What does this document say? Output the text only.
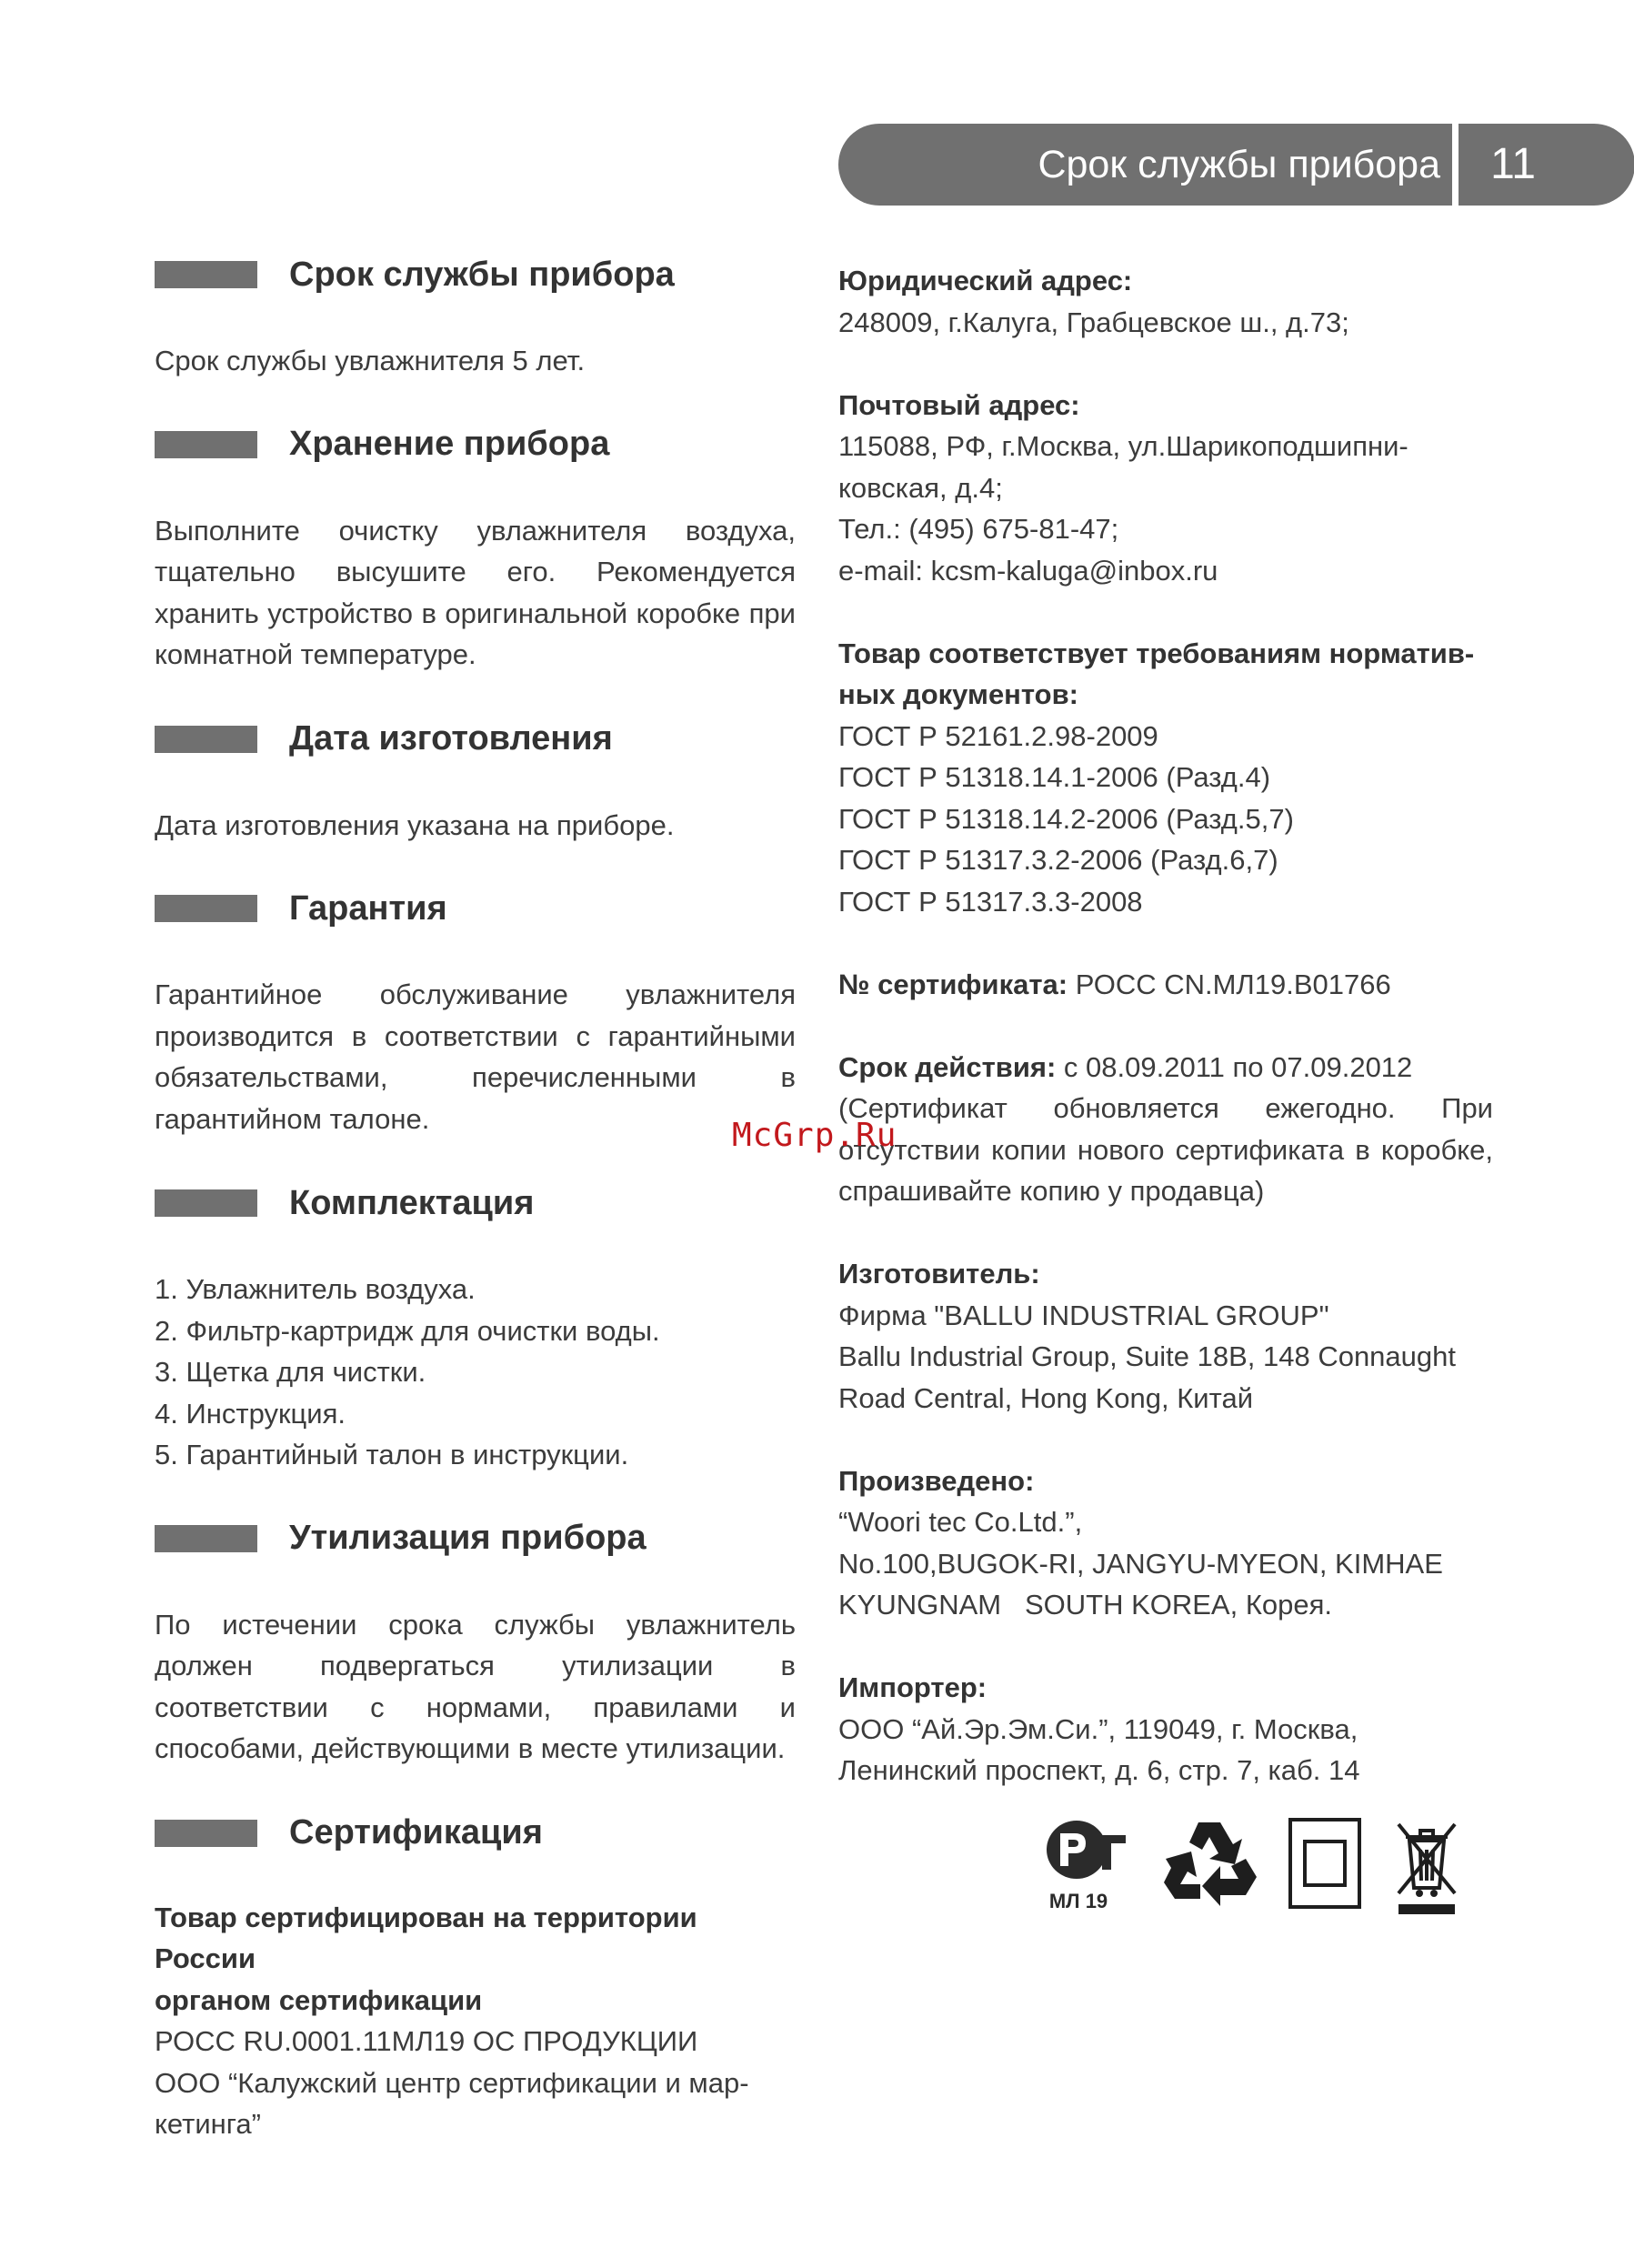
Срок службы прибора	11
Срок службы прибора
Срок службы увлажнителя 5 лет.
Хранение прибора
Выполните очистку увлажнителя воздуха, тщательно высушите его. Рекомендуется хранить устройство в оригинальной коробке при комнатной температуре.
Дата изготовления
Дата изготовления указана на приборе.
Гарантия
Гарантийное обслуживание увлажнителя производится в соответствии с гарантийными обязательствами, перечисленными в гарантийном талоне.
Комплектация
1. Увлажнитель воздуха.
2. Фильтр-картридж для очистки воды.
3. Щетка для чистки.
4. Инструкция.
5. Гарантийный талон в инструкции.
Утилизация прибора
По истечении срока службы увлажнитель должен подвергаться утилизации в соответствии с нормами, правилами и способами, действующими в месте утилизации.
Сертификация
Товар сертифицирован на территории России
органом сертификации
РОСС RU.0001.11МЛ19 ОС ПРОДУКЦИИ
ООО “Калужский центр сертификации и мар-
кетинга”
Юридический адрес:
248009, г.Калуга, Грабцевское ш., д.73;
Почтовый адрес:
115088, РФ, г.Москва, ул.Шарикоподшипни-
ковская, д.4;
Тел.: (495) 675-81-47;
e-mail: kcsm-kaluga@inbox.ru
Товар соответствует требованиям норматив-
ных документов:
ГОСТ Р 52161.2.98-2009
ГОСТ Р 51318.14.1-2006 (Разд.4)
ГОСТ Р 51318.14.2-2006 (Разд.5,7)
ГОСТ Р 51317.3.2-2006 (Разд.6,7)
ГОСТ Р 51317.3.3-2008
№ сертификата: РОСС CN.МЛ19.В01766
Срок действия: с 08.09.2011 по 07.09.2012
(Сертификат обновляется ежегодно. При отсутствии копии нового сертификата в коробке, спрашивайте копию у продавца)
Изготовитель:
Фирма "BALLU INDUSTRIAL GROUP"
Ballu Industrial Group, Suite 18B, 148 Connaught
Road Central, Hong Kong, Китай
Произведено:
“Woori tec Co.Ltd.”,
No.100,BUGOK-RI, JANGYU-MYEON, KIMHAE
KYUNGNAM   SOUTH KOREA, Корея.
Импортер:
ООО “Ай.Эр.Эм.Си.”, 119049, г. Москва,
Ленинский проспект, д. 6, стр. 7, каб. 14
McGrp.Ru
МЛ 19
